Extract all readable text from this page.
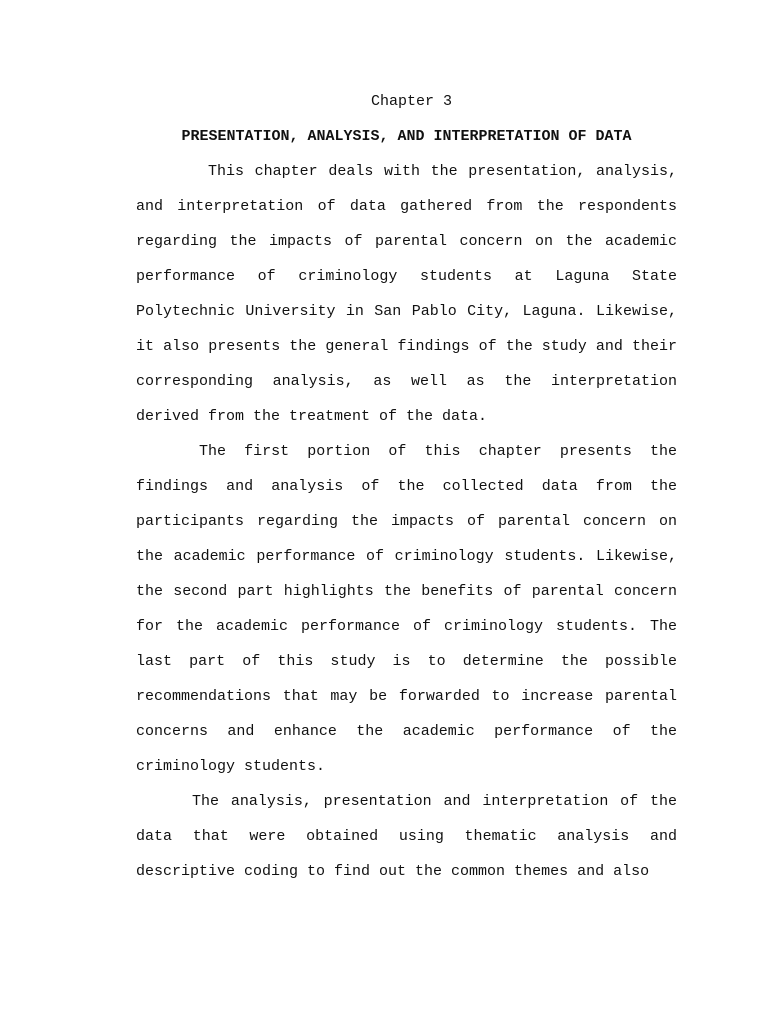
Chapter 3

PRESENTATION, ANALYSIS, AND INTERPRETATION OF DATA

This chapter deals with the presentation, analysis, and interpretation of data gathered from the respondents regarding the impacts of parental concern on the academic performance of criminology students at Laguna State Polytechnic University in San Pablo City, Laguna. Likewise, it also presents the general findings of the study and their corresponding analysis, as well as the interpretation derived from the treatment of the data.

The first portion of this chapter presents the findings and analysis of the collected data from the participants regarding the impacts of parental concern on the academic performance of criminology students. Likewise, the second part highlights the benefits of parental concern for the academic performance of criminology students. The last part of this study is to determine the possible recommendations that may be forwarded to increase parental concerns and enhance the academic performance of the criminology students.

The analysis, presentation and interpretation of the data that were obtained using thematic analysis and descriptive coding to find out the common themes and also
